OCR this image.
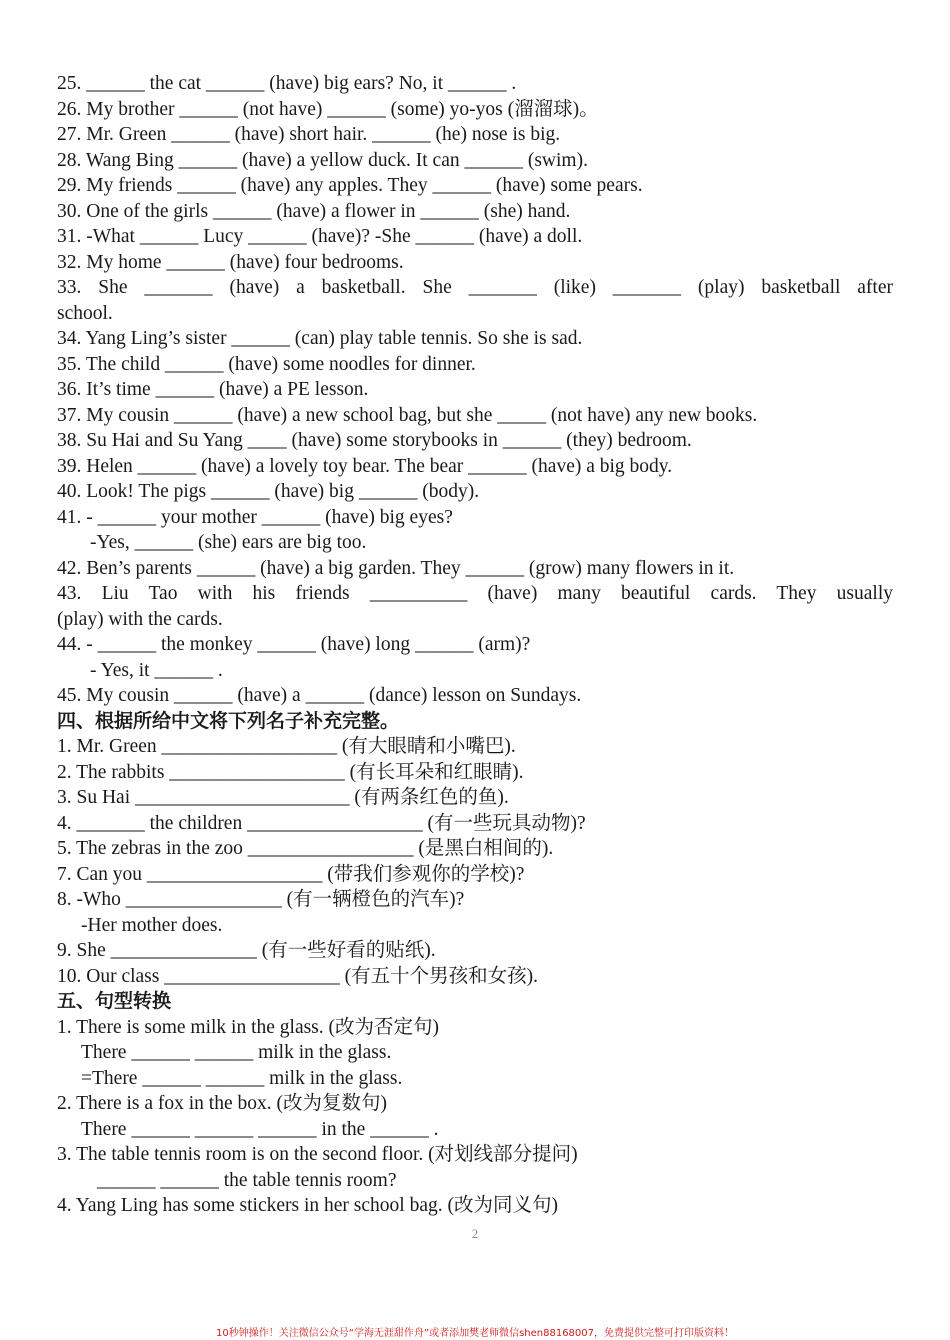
25. ______ the cat ______ (have) big ears? No, it ______ .
26. My brother ______ (not have) ______ (some) yo-yos (溜溜球)。
27. Mr. Green ______ (have) short hair. ______ (he) nose is big.
28. Wang Bing ______ (have) a yellow duck. It can ______ (swim).
29. My friends ______ (have) any apples. They ______ (have) some pears.
30. One of the girls ______ (have) a flower in ______ (she) hand.
31. -What ______ Lucy ______ (have)? -She ______ (have) a doll.
32. My home ______ (have) four bedrooms.
33. She _______ (have) a basketball. She _______ (like) _______ (play) basketball after
school.
34. Yang Ling’s sister ______ (can) play table tennis. So she is sad.
35. The child ______ (have) some noodles for dinner.
36. It’s time ______ (have) a PE lesson.
37. My cousin ______ (have) a new school bag, but she _____ (not have) any new books.
38. Su Hai and Su Yang ____ (have) some storybooks in ______ (they) bedroom.
39. Helen ______ (have) a lovely toy bear. The bear ______ (have) a big body.
40. Look! The pigs ______ (have) big ______ (body).
41. - ______ your mother ______ (have) big eyes?
-Yes, ______ (she) ears are big too.
42. Ben’s parents ______ (have) a big garden. They ______ (grow) many flowers in it.
43. Liu Tao with his friends __________ (have) many beautiful cards. They usually
(play) with the cards.
44. - ______ the monkey ______ (have) long ______ (arm)?
- Yes, it ______ .
45. My cousin ______ (have) a ______ (dance) lesson on Sundays.
四、根据所给中文将下列名子补充完整。
1. Mr. Green __________________ (有大眼睛和小嘴巴).
2. The rabbits __________________ (有长耳朵和红眼睛).
3. Su Hai ______________________ (有两条红色的鱼).
4. _______ the children __________________ (有一些玩具动物)?
5. The zebras in the zoo _________________ (是黑白相间的).
7. Can you __________________ (带我们参观你的学校)?
8. -Who ________________ (有一辆橙色的汽车)?
-Her mother does.
9. She _______________ (有一些好看的贴纸).
10. Our class __________________ (有五十个男孩和女孩).
五、句型转换
1. There is some milk in the glass. (改为否定句)
There ______ ______ milk in the glass.
=There ______ ______ milk in the glass.
2. There is a fox in the box. (改为复数句)
There ______ ______ ______ in the ______ .
3. The table tennis room is on the second floor. (对划线部分提问)
______ ______ the table tennis room?
4. Yang Ling has some stickers in her school bag. (改为同义句)
2
10秒钟操作！关注微信公众号“学海无涯甜作舟”或者添加樊老师微信shen88168007，免费提供完整可打印版资料！
